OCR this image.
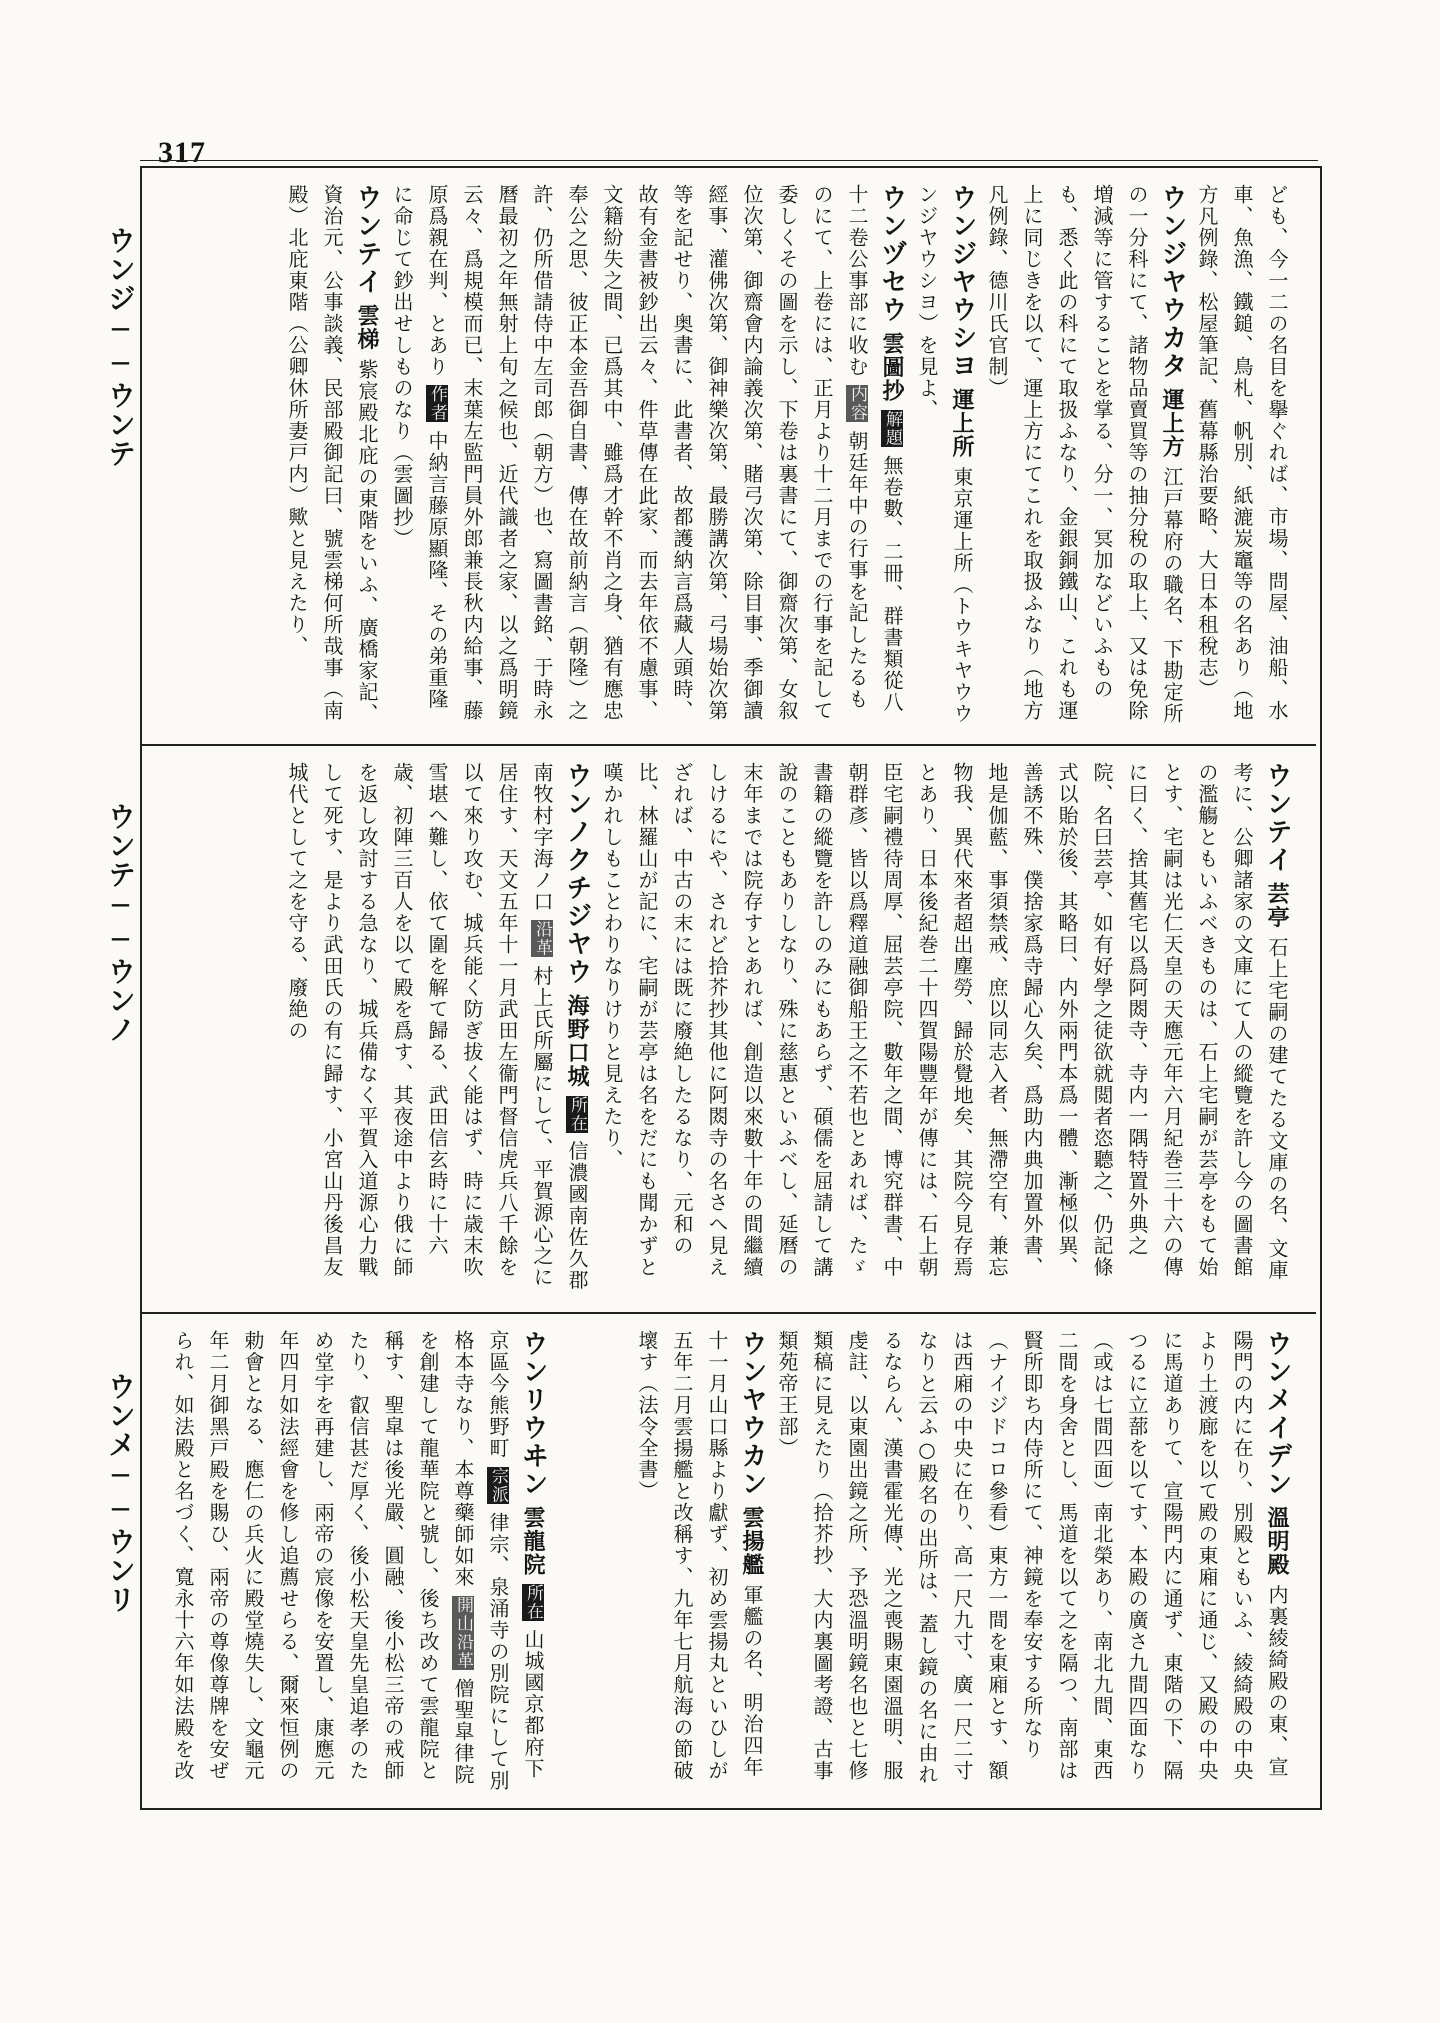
317
ウンジ──ウンテ
ウンテ──ウンノ
ウンメ──ウンリ
ども、今一二の名目を擧ぐれば、市場、問屋、油船、水車、魚漁、鐵鎚、鳥札、帆別、紙漉炭竈等の名あり（地方凡例錄、松屋筆記、舊幕縣治要略、大日本租稅志）
ウンジヤウカタ 運上方 江戸幕府の職名、下勘定所の一分科にて、諸物品賣買等の抽分稅の取上、又は免除増減等に管することを掌る、分一、冥加などいふものも、悉く此の科にて取扱ふなり、金銀銅鐵山、これも運上に同じきを以て、運上方にてこれを取扱ふなり（地方凡例錄、德川氏官制）
ウンジヤウシヨ 運上所 東京運上所（トウキヤウウンジヤウシヨ）を見よ、
ウンヅセウ 雲圖抄 解題 無卷數、二冊、群書類從八十二卷公事部に收む 内容 朝廷年中の行事を記したるものにて、上卷には、正月より十二月までの行事を記して委しくその圖を示し、下卷は裏書にて、御齋次第、女叙位次第、御齋會内論義次第、賭弓次第、除目事、季御讀經事、灌佛次第、御神樂次第、最勝講次第、弓場始次第等を記せり、奥書に、此書者、故都護納言爲藏人頭時、故有金書被鈔出云々、件草傳在此家、而去年依不慮事、文籍紛失之間、已爲其中、雖爲才幹不肖之身、猶有應忠奉公之思、彼正本金吾御自書、傳在故前納言（朝隆）之許、仍所借請侍中左司郎（朝方）也、寫圖書銘、于時永曆最初之年無射上旬之候也、近代識者之家、以之爲明鏡云々、爲規模而已、末葉左監門員外郎兼長秋内給事、藤原爲親在判、とあり 作者 中納言藤原顯隆、その弟重隆に命じて鈔出せしものなり（雲圖抄）
ウンテイ 雲梯 紫宸殿北庇の東階をいふ、廣橋家記、資治元、公事談義、民部殿御記曰、號雲梯何所哉事（南殿）北庇東階（公卿休所妻戸内）歟と見えたり、
ウンテイ 芸亭 石上宅嗣の建てたる文庫の名、文庫考に、公卿諸家の文庫にて人の縱覽を許し今の圖書館の濫觴ともいふべきものは、石上宅嗣が芸亭をもて始とす、宅嗣は光仁天皇の天應元年六月紀巻三十六の傳に曰く、捨其舊宅以爲阿閦寺、寺内一隅特置外典之院、名曰芸亭、如有好學之徒欲就閲者恣聽之、仍記條式以貽於後、其略曰、内外兩門本爲一體、漸極似異、善誘不殊、僕捨家爲寺歸心久矣、爲助内典加置外書、地是伽藍、事須禁戒、庶以同志入者、無滯空有、兼忘物我、異代來者超出塵勞、歸於覺地矣、其院今見存焉とあり、日本後紀巻二十四賀陽豐年が傳には、石上朝臣宅嗣禮待周厚、屈芸亭院、數年之間、博究群書、中朝群彥、皆以爲釋道融御船王之不若也とあれば、たゞ書籍の縱覽を許しのみにもあらず、碩儒を屈請して講說のこともありしなり、殊に慈惠といふべし、延曆の末年までは院存すとあれば、創造以來數十年の間繼續しけるにや、されど拾芥抄其他に阿閦寺の名さへ見えざれば、中古の末には既に廢絶したるなり、元和の比、林羅山が記に、宅嗣が芸亭は名をだにも聞かずと嘆かれしもことわりなりけりと見えたり、
ウンノクチジヤウ 海野口城 所在 信濃國南佐久郡南牧村字海ノ口 沿革 村上氏所屬にして、平賀源心之に居住す、天文五年十一月武田左衞門督信虎兵八千餘を以て來り攻む、城兵能く防ぎ拔く能はず、時に歳末吹雪堪へ難し、依て圍を解て歸る、武田信玄時に十六歳、初陣三百人を以て殿を爲す、其夜途中より俄に師を返し攻討する急なり、城兵備なく平賀入道源心力戰して死す、是より武田氏の有に歸す、小宮山丹後昌友城代として之を守る、廢絶の
ウンメイデン 溫明殿 内裏綾綺殿の東、宣陽門の内に在り、別殿ともいふ、綾綺殿の中央より土渡廊を以て殿の東廂に通じ、又殿の中央に馬道ありて、宣陽門内に通ず、東階の下、隔つるに立蔀を以てす、本殿の廣さ九間四面なり（或は七間四面）南北榮あり、南北九間、東西二間を身舍とし、馬道を以て之を隔つ、南部は賢所即ち内侍所にて、神鏡を奉安する所なり（ナイジドコロ參看）東方一間を東廂とす、額は西廂の中央に在り、高一尺九寸、廣一尺二寸なりと云ふ○殿名の出所は、蓋し鏡の名に由れるならん、漢書霍光傳、光之喪賜東園溫明、服虔註、以東園出鏡之所、予恐溫明鏡名也と七修類稿に見えたり（拾芥抄、大内裏圖考證、古事類苑帝王部）
ウンヤウカン 雲揚艦 軍艦の名、明治四年十一月山口縣より獻ず、初め雲揚丸といひしが五年二月雲揚艦と改稱す、九年七月航海の節破壞す（法令全書）
ウンリウヰン 雲龍院 所在 山城國京都府下京區今熊野町 宗派 律宗、泉涌寺の別院にして別格本寺なり、本尊藥師如來 開山沿革 僧聖皐律院を創建して龍華院と號し、後ち改めて雲龍院と稱す、聖皐は後光嚴、圓融、後小松三帝の戒師たり、叡信甚だ厚く、後小松天皇先皇追孝のため堂宇を再建し、兩帝の宸像を安置し、康應元年四月如法經會を修し追薦せらる、爾來恒例の勅會となる、應仁の兵火に殿堂燒失し、文龜元年二月御黑戸殿を賜ひ、兩帝の尊像尊牌を安ぜられ、如法殿と名づく、寬永十六年如法殿を改
